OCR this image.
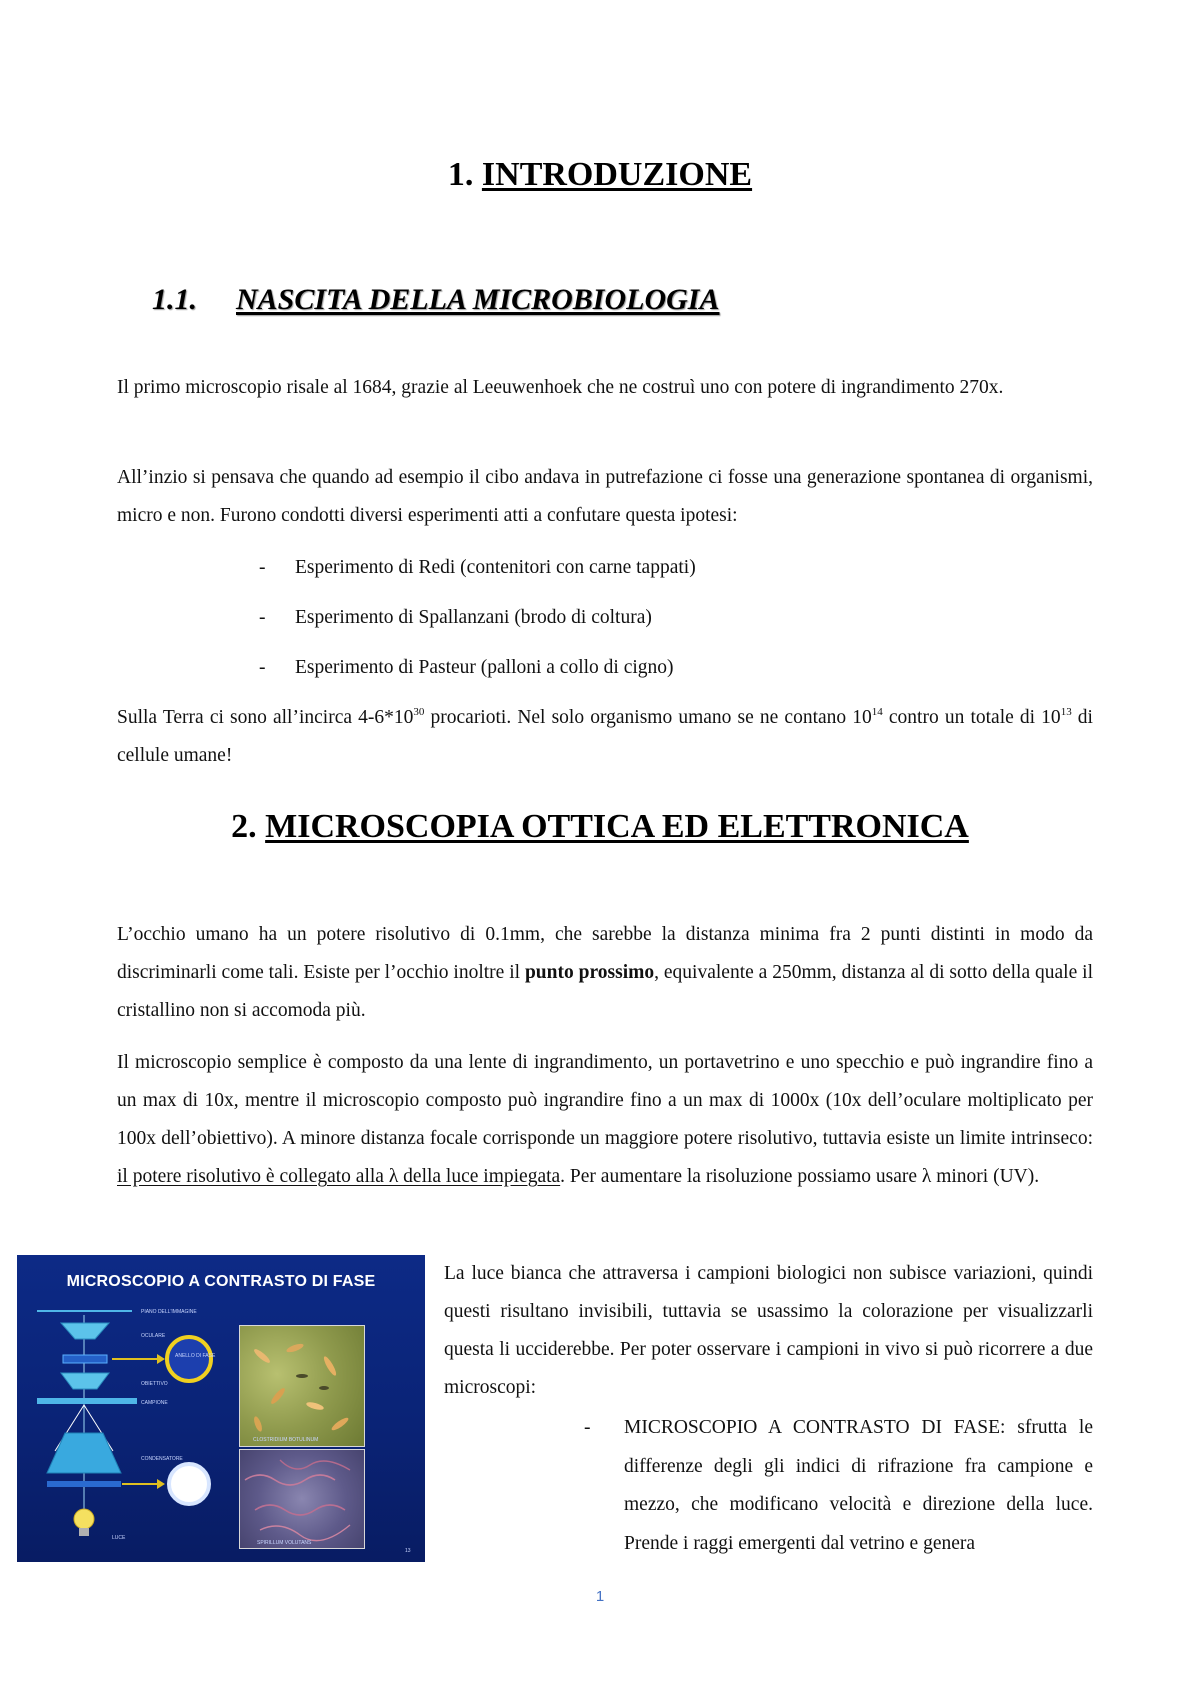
1. INTRODUZIONE
1.1. NASCITA DELLA MICROBIOLOGIA
Il primo microscopio risale al 1684, grazie al Leeuwenhoek che ne costruì uno con potere di ingrandimento 270x.
All’inzio si pensava che quando ad esempio il cibo andava in putrefazione ci fosse una generazione spontanea di organismi, micro e non. Furono condotti diversi esperimenti atti a confutare questa ipotesi:
- Esperimento di Redi (contenitori con carne tappati)
- Esperimento di Spallanzani (brodo di coltura)
- Esperimento di Pasteur (palloni a collo di cigno)
Sulla Terra ci sono all’incirca $4-6*10^{30}$ procarioti. Nel solo organismo umano se ne contano $10^{14}$ contro un totale di $10^{13}$ di cellule umane!
2. MICROSCOPIA OTTICA ED ELETTRONICA
L’occhio umano ha un potere risolutivo di 0.1mm, che sarebbe la distanza minima fra 2 punti distinti in modo da discriminarli come tali. Esiste per l’occhio inoltre il punto prossimo, equivalente a 250mm, distanza al di sotto della quale il cristallino non si accomoda più.
Il microscopio semplice è composto da una lente di ingrandimento, un portavetrino e uno specchio e può ingrandire fino a un max di 10x, mentre il microscopio composto può ingrandire fino a un max di 1000x (10x dell’oculare moltiplicato per 100x dell’obiettivo). A minore distanza focale corrisponde un maggiore potere risolutivo, tuttavia esiste un limite intrinseco: il potere risolutivo è collegato alla λ della luce impiegata. Per aumentare la risoluzione possiamo usare λ minori (UV).
MICROSCOPIO A CONTRASTO DI FASE
PIANO DELL'IMMAGINE
OCULARE
ANELLO DI FASE
OBIETTIVO
CAMPIONE
CONDENSATORE
LUCE
CLOSTRIDIUM BOTULINUM
SPIRILLUM VOLUTANS
13
La luce bianca che attraversa i campioni biologici non subisce variazioni, quindi questi risultano invisibili, tuttavia se usassimo la colorazione per visualizzarli questa li ucciderebbe. Per poter osservare i campioni in vivo si può ricorrere a due microscopi:
- MICROSCOPIO A CONTRASTO DI FASE: sfrutta le differenze degli gli indici di rifrazione fra campione e mezzo, che modificano velocità e direzione della luce. Prende i raggi emergenti dal vetrino e genera
1
